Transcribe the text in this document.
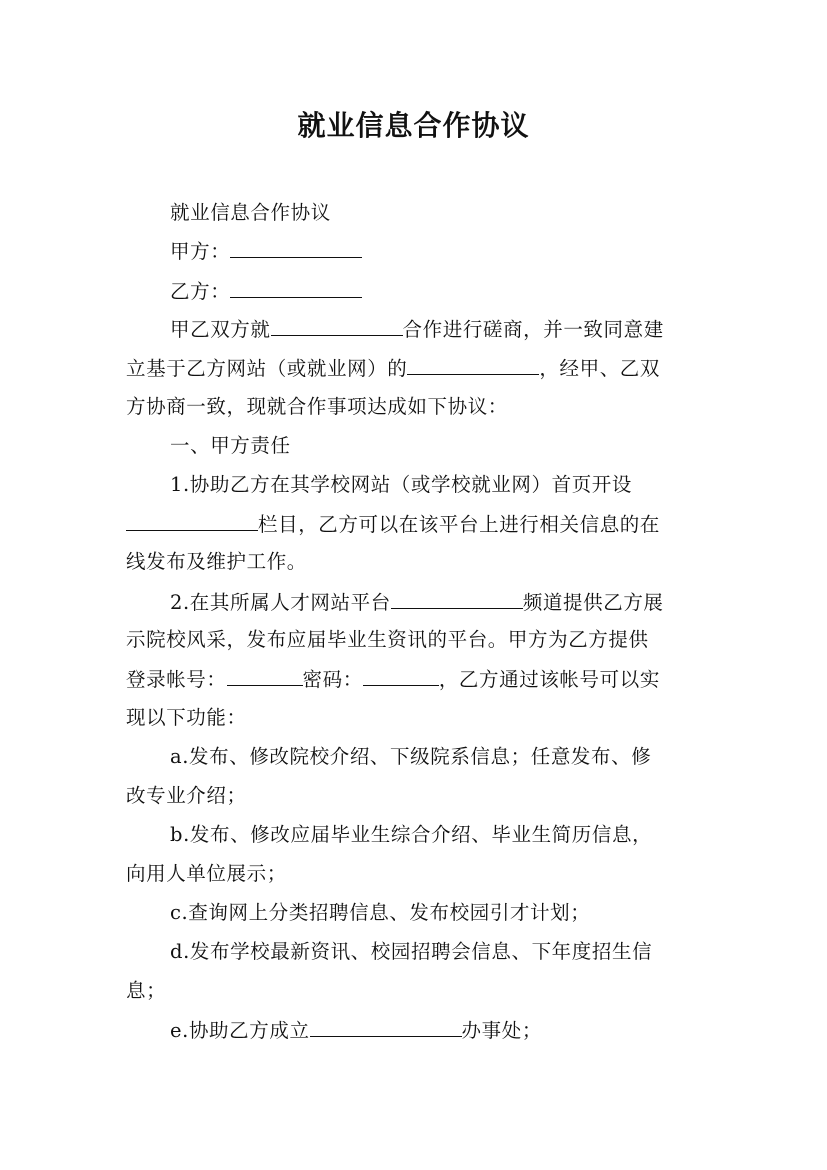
就业信息合作协议
就业信息合作协议
甲方：
乙方：
甲乙双方就	合作进行磋商，并一致同意建
立基于乙方网站（或就业网）的	，经甲、乙双
方协商一致，现就合作事项达成如下协议：
一、甲方责任
1.协助乙方在其学校网站（或学校就业网）首页开设
栏目，乙方可以在该平台上进行相关信息的在
线发布及维护工作。
2.在其所属人才网站平台	频道提供乙方展
示院校风采，发布应届毕业生资讯的平台。甲方为乙方提供
登录帐号：	密码：	，乙方通过该帐号可以实
现以下功能：
a.发布、修改院校介绍、下级院系信息；任意发布、修
改专业介绍；
b.发布、修改应届毕业生综合介绍、毕业生简历信息，
向用人单位展示；
c.查询网上分类招聘信息、发布校园引才计划；
d.发布学校最新资讯、校园招聘会信息、下年度招生信
息；
e.协助乙方成立	办事处；
